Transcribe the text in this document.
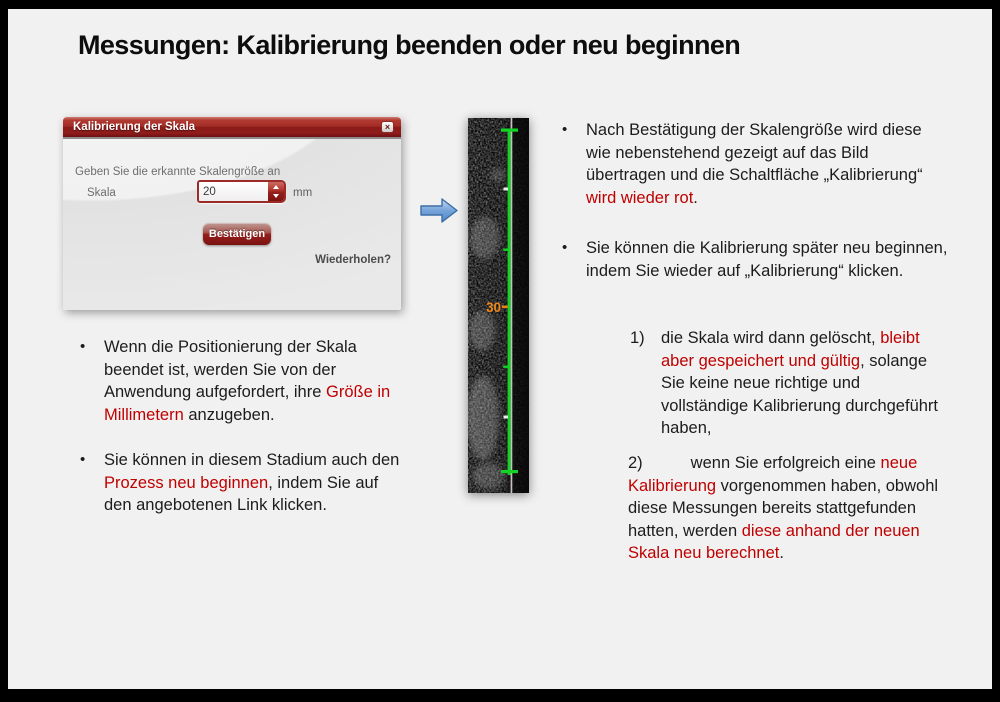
Messungen: Kalibrierung beenden oder neu beginnen
Kalibrierung der Skala	×
Geben Sie die erkannte Skalengröße an
Skala
20	mm
Bestätigen
Wiederholen?
30
•	Wenn die Positionierung der Skala beendet ist, werden Sie von der Anwendung aufgefordert, ihre Größe in Millimetern anzugeben.
•	Sie können in diesem Stadium auch den Prozess neu beginnen, indem Sie auf den angebotenen Link klicken.
•	Nach Bestätigung der Skalengröße wird diese wie nebenstehend gezeigt auf das Bild übertragen und die Schaltfläche „Kalibrierung“ wird wieder rot.
•	Sie können die Kalibrierung später neu beginnen, indem Sie wieder auf „Kalibrierung“ klicken.
1) die Skala wird dann gelöscht, bleibt aber gespeichert und gültig, solange Sie keine neue richtige und vollständige Kalibrierung durchgeführt haben,
2)	wenn Sie erfolgreich eine neue Kalibrierung vorgenommen haben, obwohl diese Messungen bereits stattgefunden hatten, werden diese anhand der neuen Skala neu berechnet.
